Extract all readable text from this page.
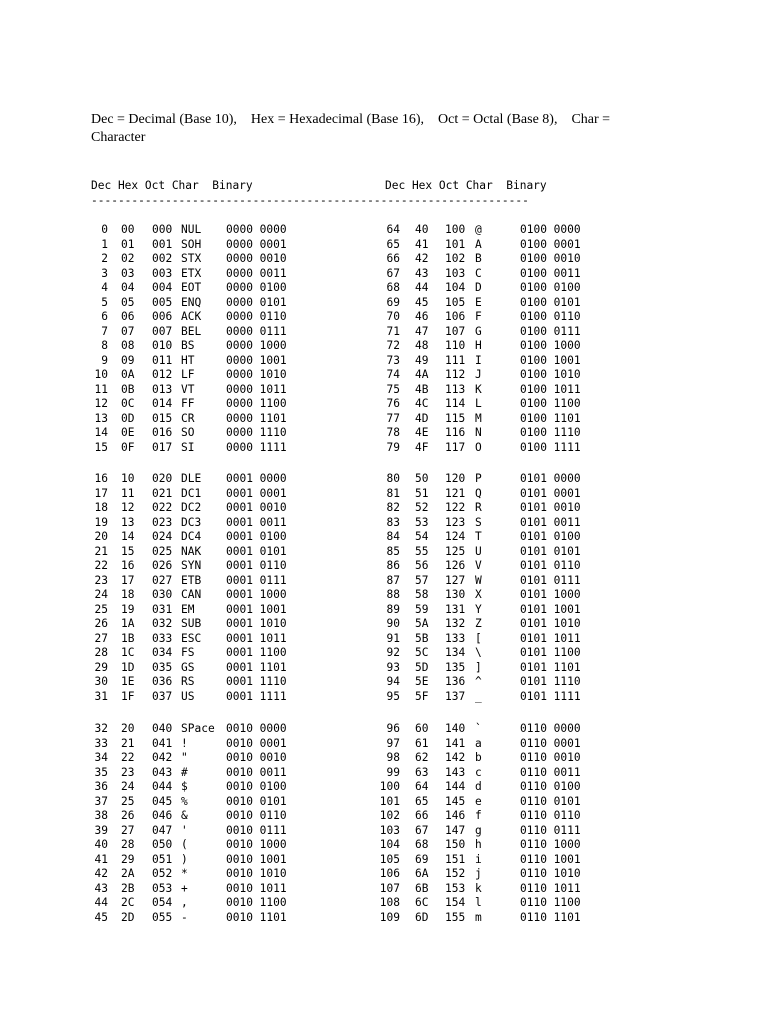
Dec = Decimal (Base 10),    Hex = Hexadecimal (Base 16),    Oct = Octal (Base 8),    Char =
Character
Dec Hex Oct Char  Binary	Dec Hex Oct Char  Binary
-----------------------------------------------------------------
0 00	000 NUL	0000 0000	64 40	100 @	0100 0000
1 01	001 SOH	0000 0001	65 41	101 A	0100 0001
2 02	002 STX	0000 0010	66 42	102 B	0100 0010
3 03	003 ETX	0000 0011	67 43	103 C	0100 0011
4 04	004 EOT	0000 0100	68 44	104 D	0100 0100
5 05	005 ENQ	0000 0101	69 45	105 E	0100 0101
6 06	006 ACK	0000 0110	70 46	106 F	0100 0110
7 07	007 BEL	0000 0111	71 47	107 G	0100 0111
8 08	010 BS	0000 1000	72 48	110 H	0100 1000
9 09	011 HT	0000 1001	73 49	111 I	0100 1001
10 0A	012 LF	0000 1010	74 4A	112 J	0100 1010
11 0B	013 VT	0000 1011	75 4B	113 K	0100 1011
12 0C	014 FF	0000 1100	76 4C	114 L	0100 1100
13 0D	015 CR	0000 1101	77 4D	115 M	0100 1101
14 0E	016 SO	0000 1110	78 4E	116 N	0100 1110
15 0F	017 SI	0000 1111	79 4F	117 O	0100 1111
16 10	020 DLE	0001 0000	80 50	120 P	0101 0000
17 11	021 DC1	0001 0001	81 51	121 Q	0101 0001
18 12	022 DC2	0001 0010	82 52	122 R	0101 0010
19 13	023 DC3	0001 0011	83 53	123 S	0101 0011
20 14	024 DC4	0001 0100	84 54	124 T	0101 0100
21 15	025 NAK	0001 0101	85 55	125 U	0101 0101
22 16	026 SYN	0001 0110	86 56	126 V	0101 0110
23 17	027 ETB	0001 0111	87 57	127 W	0101 0111
24 18	030 CAN	0001 1000	88 58	130 X	0101 1000
25 19	031 EM	0001 1001	89 59	131 Y	0101 1001
26 1A	032 SUB	0001 1010	90 5A	132 Z	0101 1010
27 1B	033 ESC	0001 1011	91 5B	133 [	0101 1011
28 1C	034 FS	0001 1100	92 5C	134 \	0101 1100
29 1D	035 GS	0001 1101	93 5D	135 ]	0101 1101
30 1E	036 RS	0001 1110	94 5E	136 ^	0101 1110
31 1F	037 US	0001 1111	95 5F	137 _	0101 1111
32 20	040 SPace	0010 0000	96 60	140 `	0110 0000
33 21	041 !	0010 0001	97 61	141 a	0110 0001
34 22	042 "	0010 0010	98 62	142 b	0110 0010
35 23	043 #	0010 0011	99 63	143 c	0110 0011
36 24	044 $	0010 0100	100 64	144 d	0110 0100
37 25	045 %	0010 0101	101 65	145 e	0110 0101
38 26	046 &	0010 0110	102 66	146 f	0110 0110
39 27	047 '	0010 0111	103 67	147 g	0110 0111
40 28	050 (	0010 1000	104 68	150 h	0110 1000
41 29	051 )	0010 1001	105 69	151 i	0110 1001
42 2A	052 *	0010 1010	106 6A	152 j	0110 1010
43 2B	053 +	0010 1011	107 6B	153 k	0110 1011
44 2C	054 ,	0010 1100	108 6C	154 l	0110 1100
45 2D	055 -	0010 1101	109 6D	155 m	0110 1101
